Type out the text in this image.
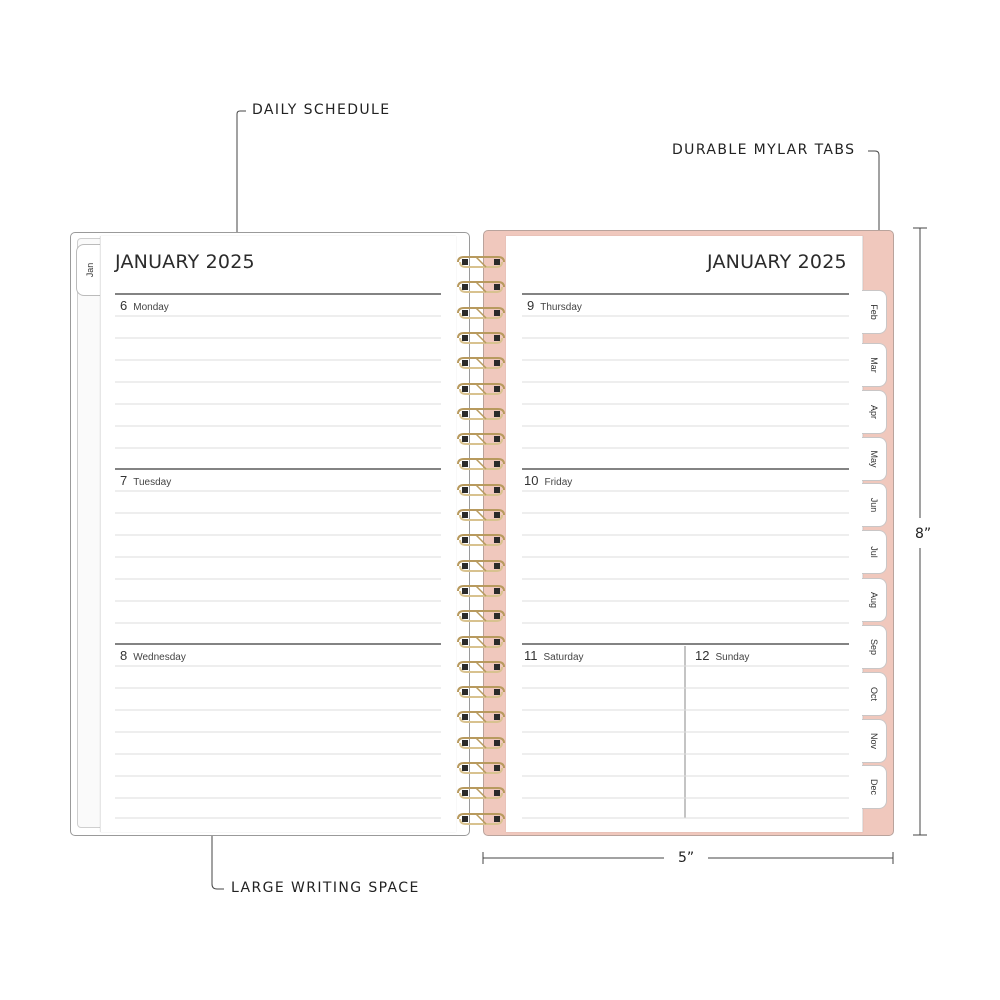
DAILY SCHEDULE
DURABLE MYLAR TABS
LARGE WRITING SPACE
8”
5”
Jan JANUARY 2025
6 Monday
7 Tuesday
8 Wednesday
JANUARY 2025
9 Thursday
10 Friday
11 Saturday	12 Sunday
Feb
Mar
Apr
May
Jun
Jul
Aug
Sep
Oct
Nov
Dec
